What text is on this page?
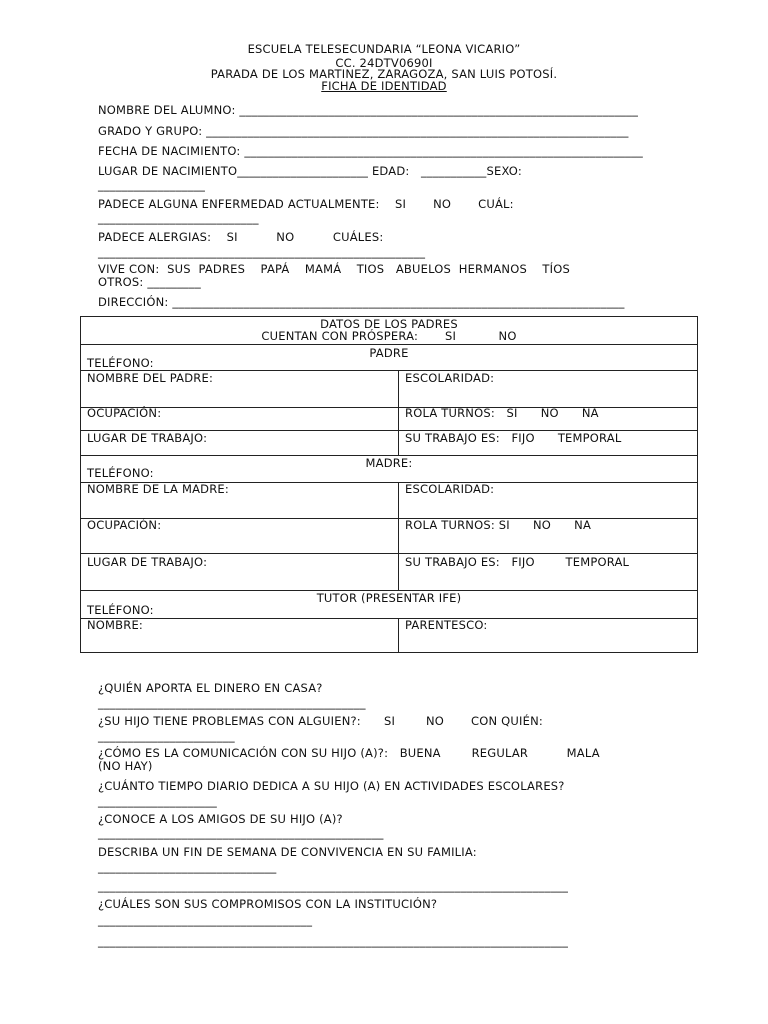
ESCUELA TELESECUNDARIA “LEONA VICARIO”
CC. 24DTV0690I
PARADA DE LOS MARTINEZ, ZARAGOZA, SAN LUIS POTOSÍ.
FICHA DE IDENTIDAD
NOMBRE DEL ALUMNO: ___________________________________________________________________
GRADO Y GRUPO: _______________________________________________________________________
FECHA DE NACIMIENTO: ___________________________________________________________________
LUGAR DE NACIMIENTO______________________ EDAD:   ___________SEXO:
__________________
PADECE ALGUNA ENFERMEDAD ACTUALMENTE:    SI       NO       CUÁL:
___________________________
PADECE ALERGIAS:    SI          NO          CUÁLES:
_______________________________________________________
VIVE CON:  SUS  PADRES    PAPÁ    MAMÁ    TIOS   ABUELOS  HERMANOS    TÍOS
OTROS: _________
DIRECCIÓN: ____________________________________________________________________________
DATOS DE LOS PADRES
CUENTAN CON PRÓSPERA:       SI           NO
PADRE
TELÉFONO:
NOMBRE DEL PADRE:	ESCOLARIDAD:
OCUPACIÓN:	ROLA TURNOS:   SI      NO      NA
LUGAR DE TRABAJO:	SU TRABAJO ES:   FIJO      TEMPORAL
MADRE:
TELÉFONO:
NOMBRE DE LA MADRE:	ESCOLARIDAD:
OCUPACIÓN:	ROLA TURNOS: SI      NO      NA
LUGAR DE TRABAJO:	SU TRABAJO ES:   FIJO        TEMPORAL
TUTOR (PRESENTAR IFE)
TELÉFONO:
NOMBRE:	PARENTESCO:
¿QUIÉN APORTA EL DINERO EN CASA?
_____________________________________________
¿SU HIJO TIENE PROBLEMAS CON ALGUIEN?:      SI        NO       CON QUIÉN:
_______________________
¿CÓMO ES LA COMUNICACIÓN CON SU HIJO (A)?:   BUENA        REGULAR          MALA
(NO HAY)
¿CUÁNTO TIEMPO DIARIO DEDICA A SU HIJO (A) EN ACTIVIDADES ESCOLARES?
____________________
¿CONOCE A LOS AMIGOS DE SU HIJO (A)?
________________________________________________
DESCRIBA UN FIN DE SEMANA DE CONVIVENCIA EN SU FAMILIA:
______________________________
_______________________________________________________________________________
¿CUÁLES SON SUS COMPROMISOS CON LA INSTITUCIÓN?
____________________________________
_______________________________________________________________________________
